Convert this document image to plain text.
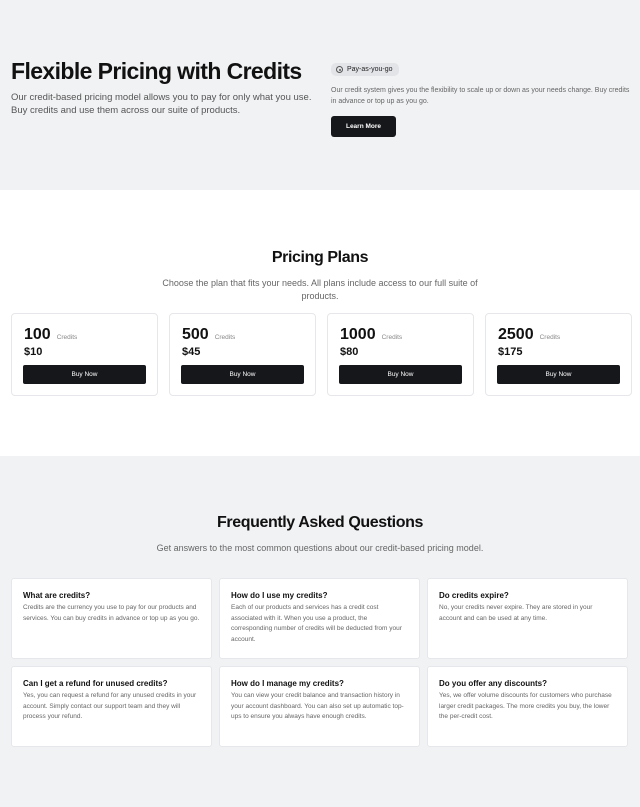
Flexible Pricing with Credits

Our credit-based pricing model allows you to pay for only what you use. Buy credits and use them across our suite of products.

Pay-as-you-go

Our credit system gives you the flexibility to scale up or down as your needs change. Buy credits in advance or top up as you go.

Learn More
Pricing Plans

Choose the plan that fits your needs. All plans include access to our full suite of products.

100 Credits
$10
Buy Now
500 Credits
$45
Buy Now
1000 Credits
$80
Buy Now
2500 Credits
$175
Buy Now
Frequently Asked Questions

Get answers to the most common questions about our credit-based pricing model.

What are credits?
Credits are the currency you use to pay for our products and services. You can buy credits in advance or top up as you go.
How do I use my credits?
Each of our products and services has a credit cost associated with it. When you use a product, the corresponding number of credits will be deducted from your account.
Do credits expire?
No, your credits never expire. They are stored in your account and can be used at any time.
Can I get a refund for unused credits?
Yes, you can request a refund for any unused credits in your account. Simply contact our support team and they will process your refund.
How do I manage my credits?
You can view your credit balance and transaction history in your account dashboard. You can also set up automatic top-ups to ensure you always have enough credits.
Do you offer any discounts?
Yes, we offer volume discounts for customers who purchase larger credit packages. The more credits you buy, the lower the per-credit cost.
